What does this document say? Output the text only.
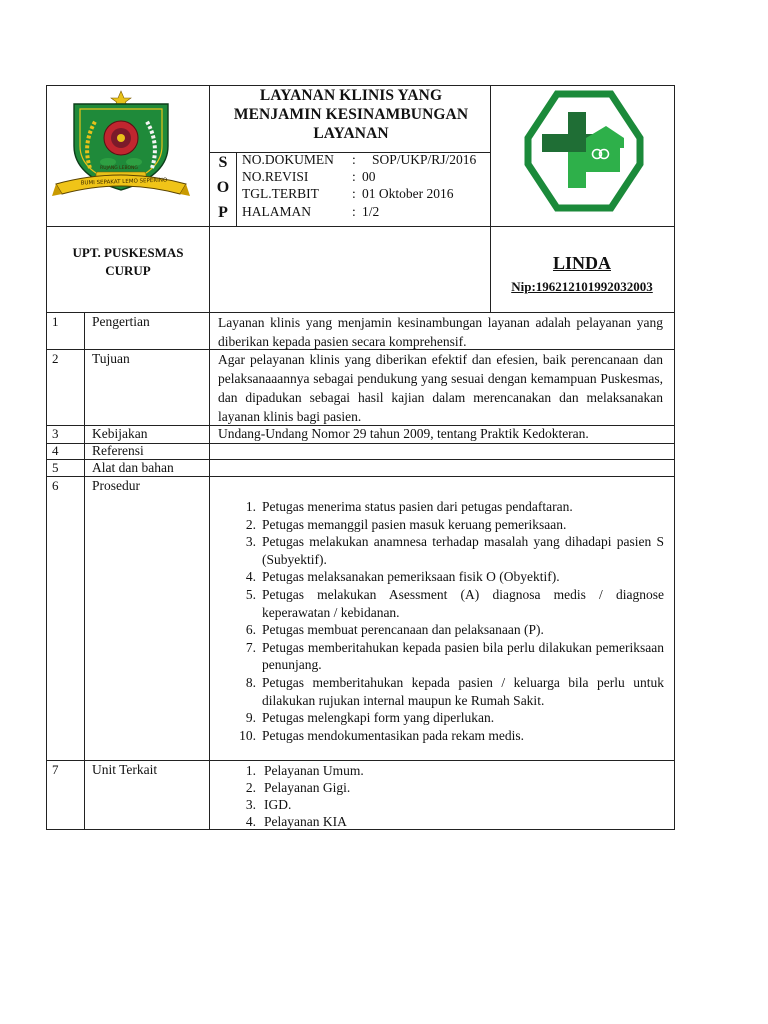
BUMI SEPAKAT LEMO SEPERINO
RUJANG LEBONG
LAYANAN KLINIS YANG
MENJAMIN KESINAMBUNGAN
LAYANAN
S
O
P
NO.DOKUMEN : SOP/UKP/RJ/2016
NO.REVISI	: 00
TGL.TERBIT : 01 Oktober 2016
HALAMAN	: 1/2
UPT. PUSKESMAS
CURUP	LINDA
Nip:196212101992032003
1 Pengertian	Layanan klinis yang menjamin kesinambungan layanan adalah pelayanan yang diberikan kepada pasien secara komprehensif.
2 Tujuan	Agar pelayanan klinis yang diberikan efektif dan efesien, baik perencanaan dan pelaksanaaannya sebagai pendukung yang sesuai dengan kemampuan Puskesmas, dan dipadukan sebagai hasil kajian dalam merencanakan dan melaksanakan layanan klinis bagi pasien.
3 Kebijakan	Undang-Undang Nomor 29 tahun 2009, tentang Praktik Kedokteran.
4 Referensi
5 Alat dan bahan
6 Prosedur
1. Petugas menerima status pasien dari petugas pendaftaran.
2. Petugas memanggil pasien masuk keruang pemeriksaan.
3. Petugas melakukan anamnesa terhadap masalah yang dihadapi pasien S (Subyektif).
4. Petugas melaksanakan pemeriksaan fisik O (Obyektif).
5. Petugas melakukan Asessment (A) diagnosa medis / diagnose keperawatan / kebidanan.
6. Petugas membuat perencanaan dan pelaksanaan (P).
7. Petugas memberitahukan kepada pasien bila perlu dilakukan pemeriksaan penunjang.
8. Petugas memberitahukan kepada pasien / keluarga bila perlu untuk dilakukan rujukan internal maupun ke Rumah Sakit.
9. Petugas melengkapi form yang diperlukan.
10. Petugas mendokumentasikan pada rekam medis.
7 Unit Terkait	1. Pelayanan Umum.
2. Pelayanan Gigi.
3. IGD.
4. Pelayanan KIA
